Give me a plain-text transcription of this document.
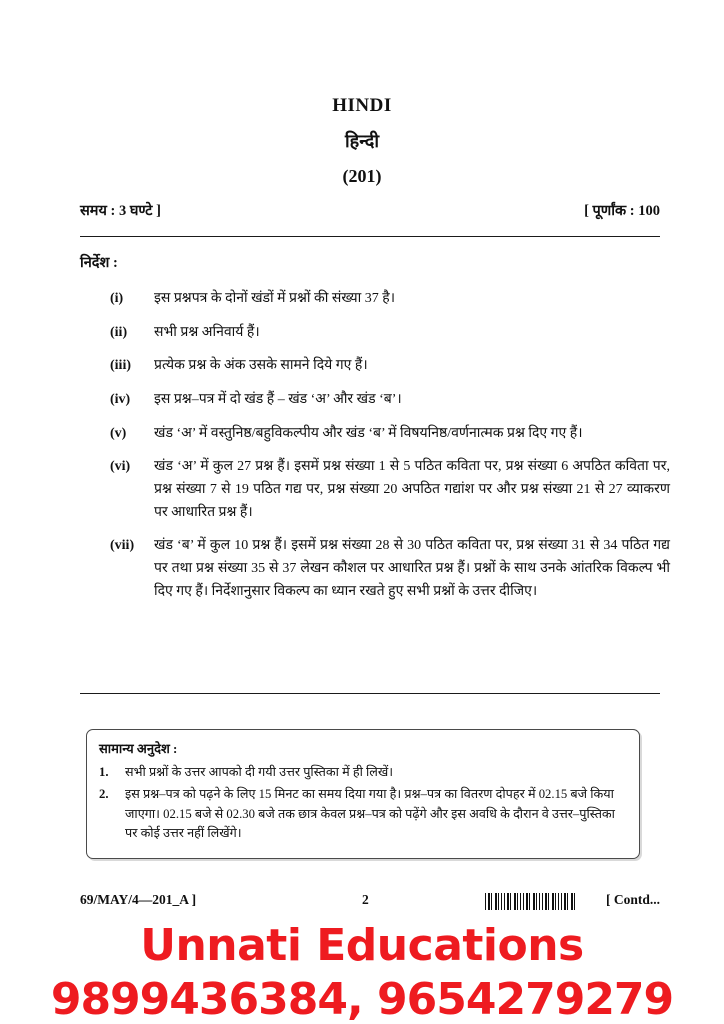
HINDI
हिन्दी
(201)
समय : 3 घण्टे ]	[ पूर्णांक : 100
निर्देश :
(i)	इस प्रश्नपत्र के दोनों खंडों में प्रश्नों की संख्या 37 है।
(ii)	सभी प्रश्न अनिवार्य हैं।
(iii)	प्रत्येक प्रश्न के अंक उसके सामने दिये गए हैं।
(iv)	इस प्रश्न–पत्र में दो खंड हैं – खंड ‘अ’ और खंड ‘ब’।
(v)	खंड ‘अ’ में वस्तुनिष्ठ/बहुविकल्पीय और खंड ‘ब’ में विषयनिष्ठ/वर्णनात्मक प्रश्न दिए गए हैं।
(vi)	खंड ‘अ’ में कुल 27 प्रश्न हैं। इसमें प्रश्न संख्या 1 से 5 पठित कविता पर, प्रश्न संख्या 6 अपठित कविता पर, प्रश्न संख्या 7 से 19 पठित गद्य पर, प्रश्न संख्या 20 अपठित गद्यांश पर और प्रश्न संख्या 21 से 27 व्याकरण पर आधारित प्रश्न हैं।
(vii)	खंड ‘ब’ में कुल 10 प्रश्न हैं। इसमें प्रश्न संख्या 28 से 30 पठित कविता पर, प्रश्न संख्या 31 से 34 पठित गद्य पर तथा प्रश्न संख्या 35 से 37 लेखन कौशल पर आधारित प्रश्न हैं। प्रश्नों के साथ उनके आंतरिक विकल्प भी दिए गए हैं। निर्देशानुसार विकल्प का ध्यान रखते हुए सभी प्रश्नों के उत्तर दीजिए।
सामान्य अनुदेश :
1.	सभी प्रश्नों के उत्तर आपको दी गयी उत्तर पुस्तिका में ही लिखें।
2.	इस प्रश्न–पत्र को पढ़ने के लिए 15 मिनट का समय दिया गया है। प्रश्न–पत्र का वितरण दोपहर में 02.15 बजे किया जाएगा। 02.15 बजे से 02.30 बजे तक छात्र केवल प्रश्न–पत्र को पढ़ेंगे और इस अवधि के दौरान वे उत्तर–पुस्तिका पर कोई उत्तर नहीं लिखेंगे।
69/MAY/4—201_A ]	2	[ Contd...
Unnati Educations
9899436384, 9654279279
